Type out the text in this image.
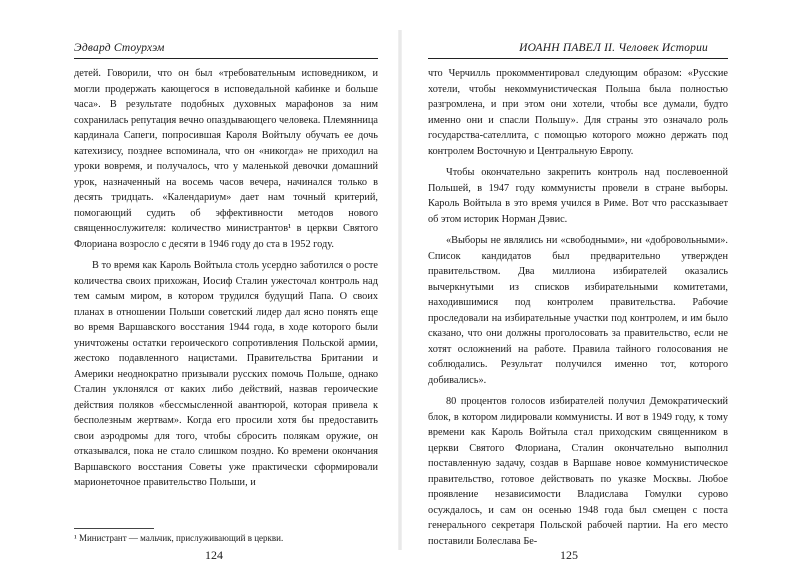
Эдвард Стоурхэм

детей. Говорили, что он был «требовательным исповедником, и могли продержать кающегося в исповедальной кабинке и больше часа». В результате подобных духовных марафонов за ним сохранилась репутация вечно опаздывающего человека. Племянница кардинала Сапеги, попросившая Кароля Войтылу обучать ее дочь катехизису, позднее вспоминала, что он «никогда» не приходил на уроки вовремя, и получалось, что у маленькой девочки домашний урок, назначенный на восемь часов вечера, начинался только в десять тридцать. «Календариум» дает нам точный критерий, помогающий судить об эффективности методов нового священнослужителя: количество министрантов¹ в церкви Святого Флориана возросло с десяти в 1946 году до ста в 1952 году.

В то время как Кароль Войтыла столь усердно заботился о росте количества своих прихожан, Иосиф Сталин ужесточал контроль над тем самым миром, в котором трудился будущий Папа. О своих планах в отношении Польши советский лидер дал ясно понять еще во время Варшавского восстания 1944 года, в ходе которого были уничтожены остатки героического сопротивления Польской армии, жестоко подавленного нацистами. Правительства Британии и Америки неоднократно призывали русских помочь Польше, однако Сталин уклонялся от каких либо действий, назвав героические действия поляков «бессмысленной авантюрой, которая привела к бесполезным жертвам». Когда его просили хотя бы предоставить свои аэродромы для того, чтобы сбросить полякам оружие, он отказывался, пока не стало слишком поздно. Ко времени окончания Варшавского восстания Советы уже практически сформировали марионеточное правительство Польши, и

¹ Министрант — мальчик, прислуживающий в церкви.
124
ИОАНН ПАВЕЛ II. Человек Истории

что Черчилль прокомментировал следующим образом: «Русские хотели, чтобы некоммунистическая Польша была полностью разгромлена, и при этом они хотели, чтобы все думали, будто именно они и спасли Польшу». Для страны это означало роль государства-сателлита, с помощью которого можно держать под контролем Восточную и Центральную Европу.

Чтобы окончательно закрепить контроль над послевоенной Польшей, в 1947 году коммунисты провели в стране выборы. Кароль Войтыла в это время учился в Риме. Вот что рассказывает об этом историк Норман Дэвис.

«Выборы не являлись ни «свободными», ни «добровольными». Список кандидатов был предварительно утвержден правительством. Два миллиона избирателей оказались вычеркнутыми из списков избирательными комитетами, находившимися под контролем правительства. Рабочие проследовали на избирательные участки под контролем, и им было сказано, что они должны проголосовать за правительство, если не хотят осложнений на работе. Правила тайного голосования не соблюдались. Результат получился именно тот, которого добивались».

80 процентов голосов избирателей получил Демократический блок, в котором лидировали коммунисты. И вот в 1949 году, к тому времени как Кароль Войтыла стал приходским священником в церкви Святого Флориана, Сталин окончательно выполнил поставленную задачу, создав в Варшаве новое коммунистическое правительство, готовое действовать по указке Москвы. Любое проявление независимости Владислава Гомулки сурово осуждалось, и сам он осенью 1948 года был смещен с поста генерального секретаря Польской рабочей партии. На его место поставили Болеслава Бе-

125
